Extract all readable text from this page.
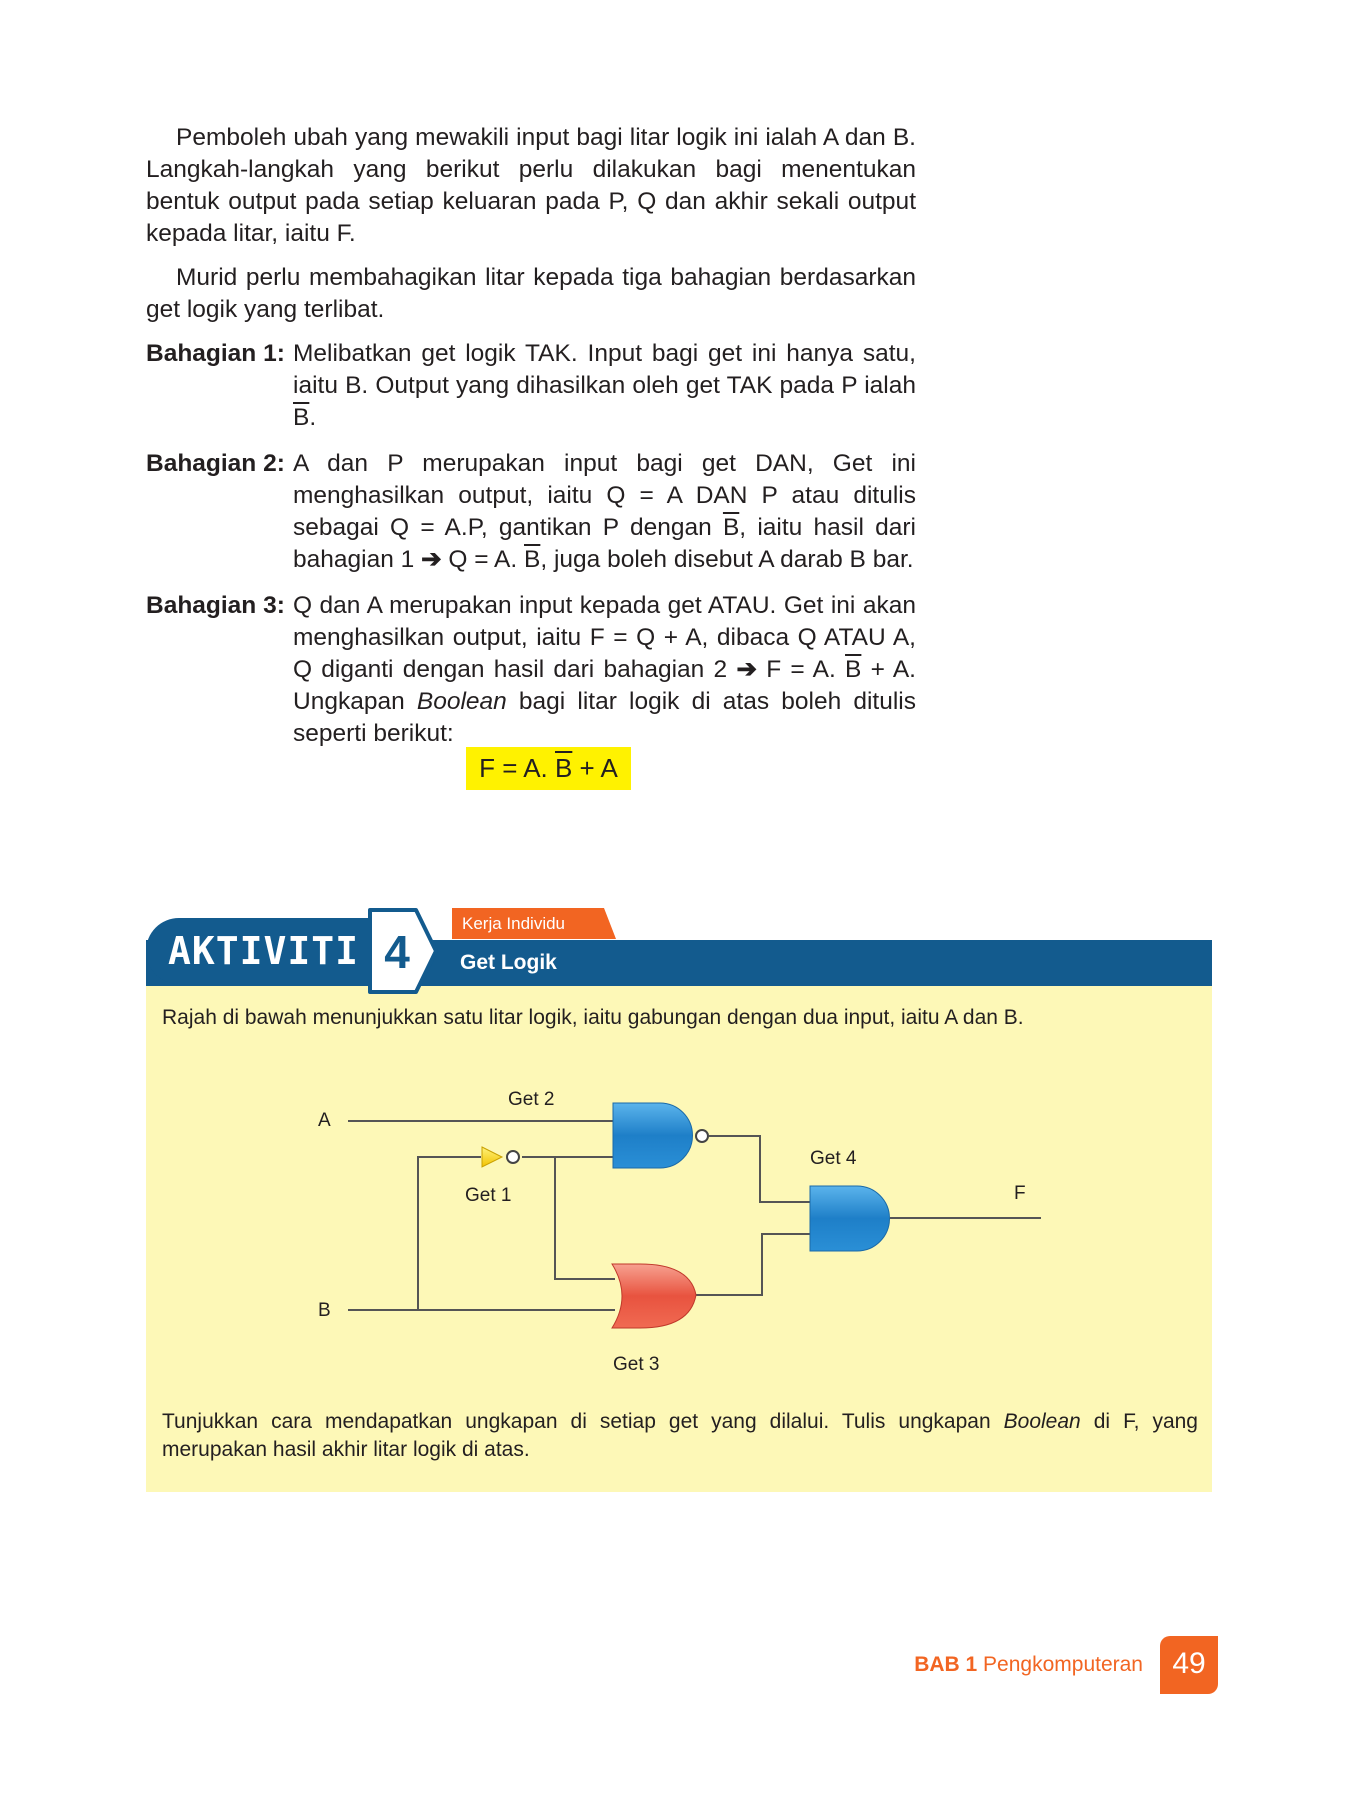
Pemboleh ubah yang mewakili input bagi litar logik ini ialah A dan B. Langkah-langkah yang berikut perlu dilakukan bagi menentukan bentuk output pada setiap keluaran pada P, Q dan akhir sekali output kepada litar, iaitu F.

Murid perlu membahagikan litar kepada tiga bahagian berdasarkan get logik yang terlibat.

Bahagian 1: Melibatkan get logik TAK. Input bagi get ini hanya satu, iaitu B. Output yang dihasilkan oleh get TAK pada P ialah $\overline{B}$.
Bahagian 2: A dan P merupakan input bagi get DAN, Get ini menghasilkan output, iaitu Q = A DAN P atau ditulis sebagai Q = A.P, gantikan P dengan $\overline{B}$, iaitu hasil dari bahagian 1 ➔ Q = A. $\overline{B}$, juga boleh disebut A darab B bar.
Bahagian 3: Q dan A merupakan input kepada get ATAU. Get ini akan menghasilkan output, iaitu F = Q + A, dibaca Q ATAU A, Q diganti dengan hasil dari bahagian 2 ➔ F = A. $\overline{B} + A$. Ungkapan Boolean bagi litar logik di atas boleh ditulis seperti berikut:
F = A. $\overline{B} + A$
Kerja Individu
AKTIVITI 4	Get Logik
Rajah di bawah menunjukkan satu litar logik, iaitu gabungan dengan dua input, iaitu A dan B.
A
B
F
Get 1
Get 2
Get 3
Get 4
Tunjukkan cara mendapatkan ungkapan di setiap get yang dilalui. Tulis ungkapan Boolean di F, yang merupakan hasil akhir litar logik di atas.
BAB 1 Pengkomputeran 49
